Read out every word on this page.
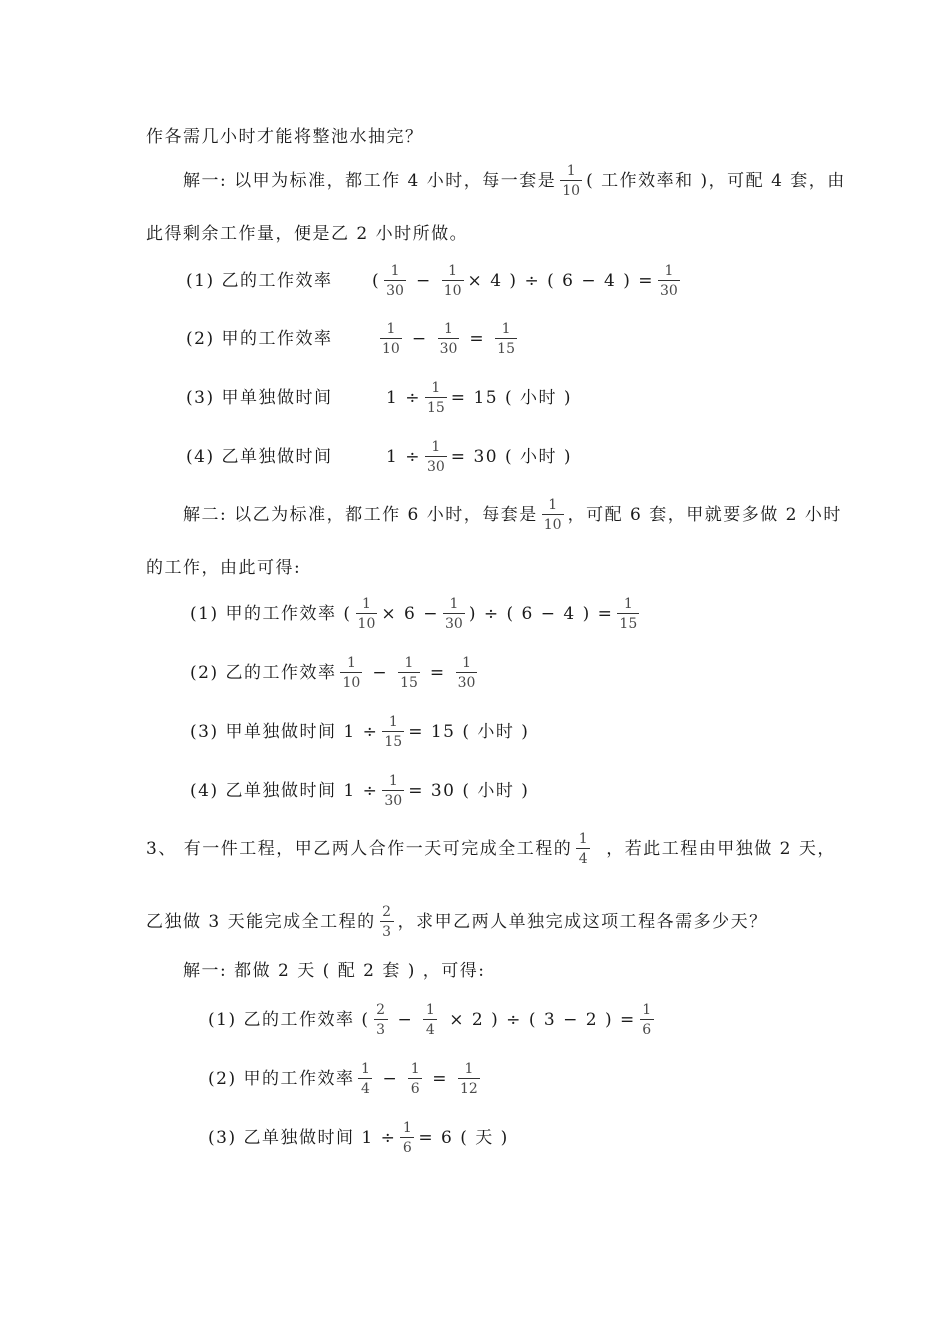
作各需几小时才能将整池水抽完？
解一: 以甲为标准，都工作 4 小时，每一套是 $\frac{1}{10}$ ( 工作效率和 )，可配 4 套，由
此得剩余工作量，便是乙 2 小时所做。
(1) 乙的工作效率	( $\frac{1}{30} - \frac{1}{10} \times 4$ ) ÷ ( 6 − 4 ) = $\frac{1}{30}$
(2) 甲的工作效率	$\frac{1}{10} - \frac{1}{30} = \frac{1}{15}$
(3) 甲单独做时间	$1 \div \frac{1}{15} = 15$ ( 小时 )
(4) 乙单独做时间	$1 \div \frac{1}{30} = 30$ ( 小时 )
解二: 以乙为标准，都工作 6 小时，每套是 $\frac{1}{10}$ ，可配 6 套，甲就要多做 2 小时
的工作，由此可得:
(1) 甲的工作效率 ( $\frac{1}{10} \times 6 - \frac{1}{30}$ ) ÷ ( 6 − 4 ) = $\frac{1}{15}$
(2) 乙的工作效率 $\frac{1}{10} - \frac{1}{15} = \frac{1}{30}$
(3) 甲单独做时间 $1 \div \frac{1}{15} = 15$ ( 小时 )
(4) 乙单独做时间 $1 \div \frac{1}{30} = 30$ ( 小时 )
3、 有一件工程，甲乙两人合作一天可完成全工程的 $\frac{1}{4}$ ，若此工程由甲独做 2 天，
乙独做 3 天能完成全工程的 $\frac{2}{3}$ ，求甲乙两人单独完成这项工程各需多少天？
解一: 都做 2 天 ( 配 2 套 ) ，可得:
(1) 乙的工作效率 ( $\frac{2}{3} - \frac{1}{4} \times 2$ ) ÷ ( 3 − 2 ) = $\frac{1}{6}$
(2) 甲的工作效率 $\frac{1}{4} - \frac{1}{6} = \frac{1}{12}$
(3) 乙单独做时间 $1 \div \frac{1}{6} = 6$ ( 天 )
